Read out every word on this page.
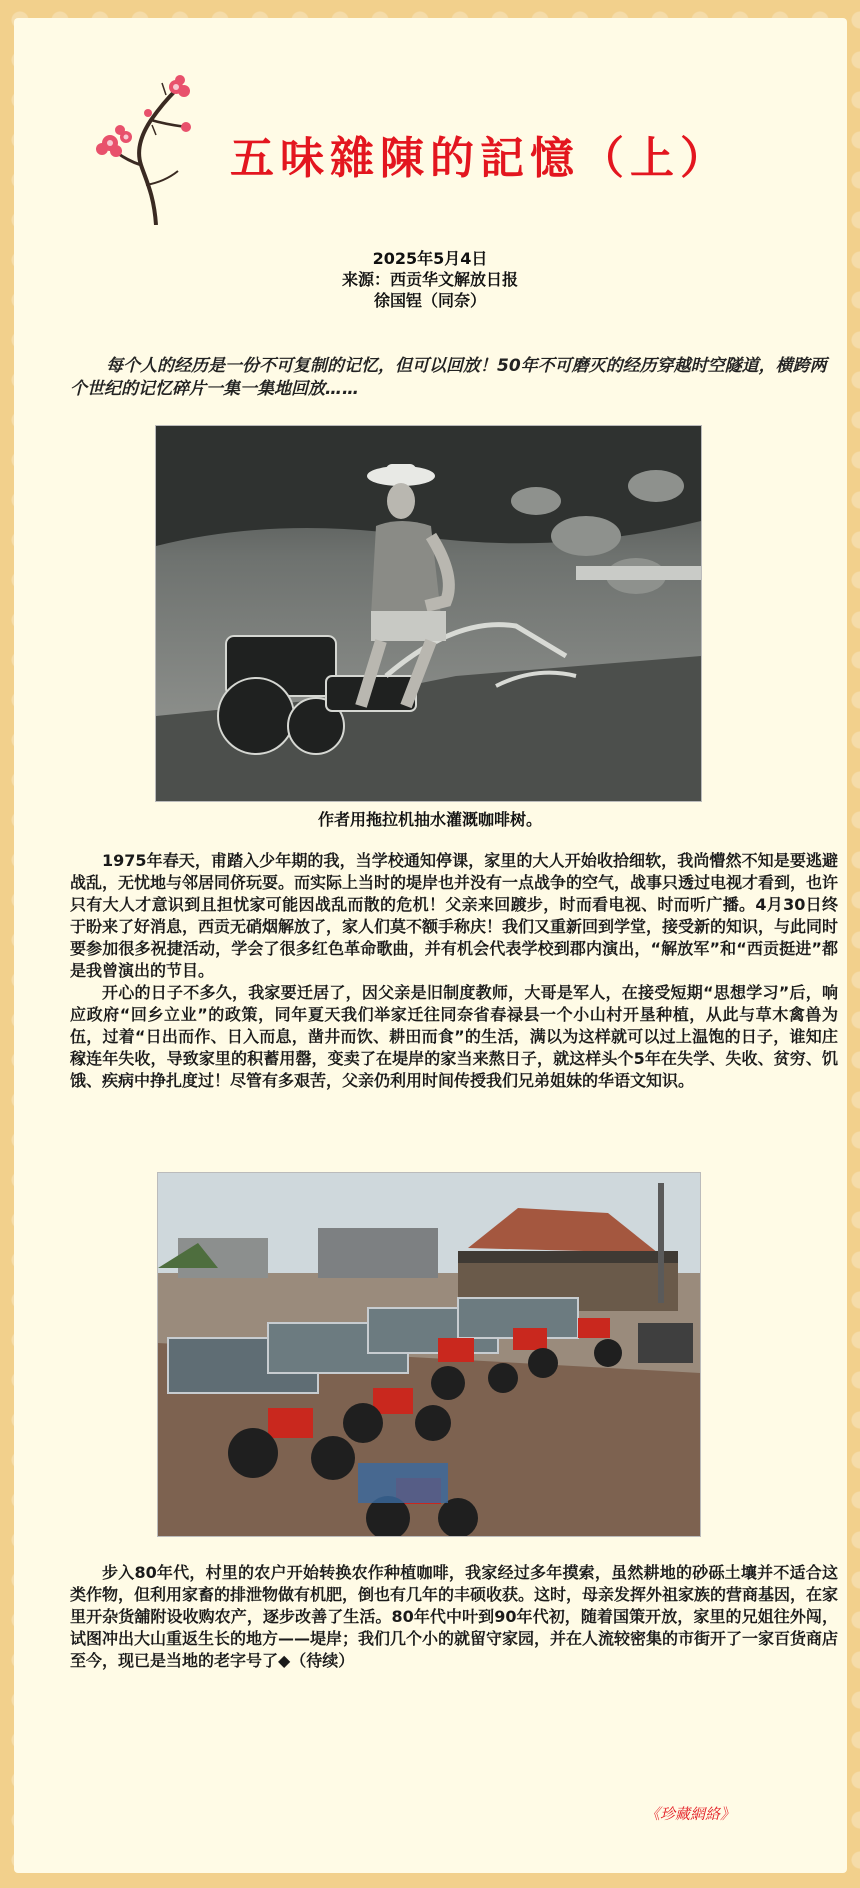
五味雜陳的記憶（上）
2025年5月4日
来源：西贡华文解放日报
徐国锃（同奈）
每个人的经历是一份不可复制的记忆，但可以回放！50年不可磨灭的经历穿越时空隧道，横跨两个世纪的记忆碎片一集一集地回放……
作者用拖拉机抽水灌溉咖啡树。

1975年春天，甫踏入少年期的我，当学校通知停课，家里的大人开始收拾细软，我尚懵然不知是要逃避战乱，无忧地与邻居同侪玩耍。而实际上当时的堤岸也并没有一点战争的空气，战事只透过电视才看到，也许只有大人才意识到且担忧家可能因战乱而散的危机！父亲来回踱步，时而看电视、时而听广播。4月30日终于盼来了好消息，西贡无硝烟解放了，家人们莫不额手称庆！我们又重新回到学堂，接受新的知识，与此同时要参加很多祝捷活动，学会了很多红色革命歌曲，并有机会代表学校到郡内演出，“解放军”和“西贡挺进”都是我曾演出的节目。

开心的日子不多久，我家要迁居了，因父亲是旧制度教师，大哥是军人，在接受短期“思想学习”后，响应政府“回乡立业”的政策，同年夏天我们举家迁往同奈省春禄县一个小山村开垦种植，从此与草木禽兽为伍，过着“日出而作、日入而息，凿井而饮、耕田而食”的生活，满以为这样就可以过上温饱的日子，谁知庄稼连年失收，导致家里的积蓄用罄，变卖了在堤岸的家当来熬日子，就这样头个5年在失学、失收、贫穷、饥饿、疾病中挣扎度过！尽管有多艰苦，父亲仍利用时间传授我们兄弟姐妹的华语文知识。

步入80年代，村里的农户开始转换农作种植咖啡，我家经过多年摸索，虽然耕地的砂砾土壤并不适合这类作物，但利用家畜的排泄物做有机肥，倒也有几年的丰硕收获。这时，母亲发挥外祖家族的营商基因，在家里开杂货舖附设收购农产，逐步改善了生活。80年代中叶到90年代初，随着国策开放，家里的兄姐往外闯，试图冲出大山重返生长的地方——堤岸；我们几个小的就留守家园，并在人流较密集的市街开了一家百货商店至今，现已是当地的老字号了◆（待续）

《珍藏網絡》
